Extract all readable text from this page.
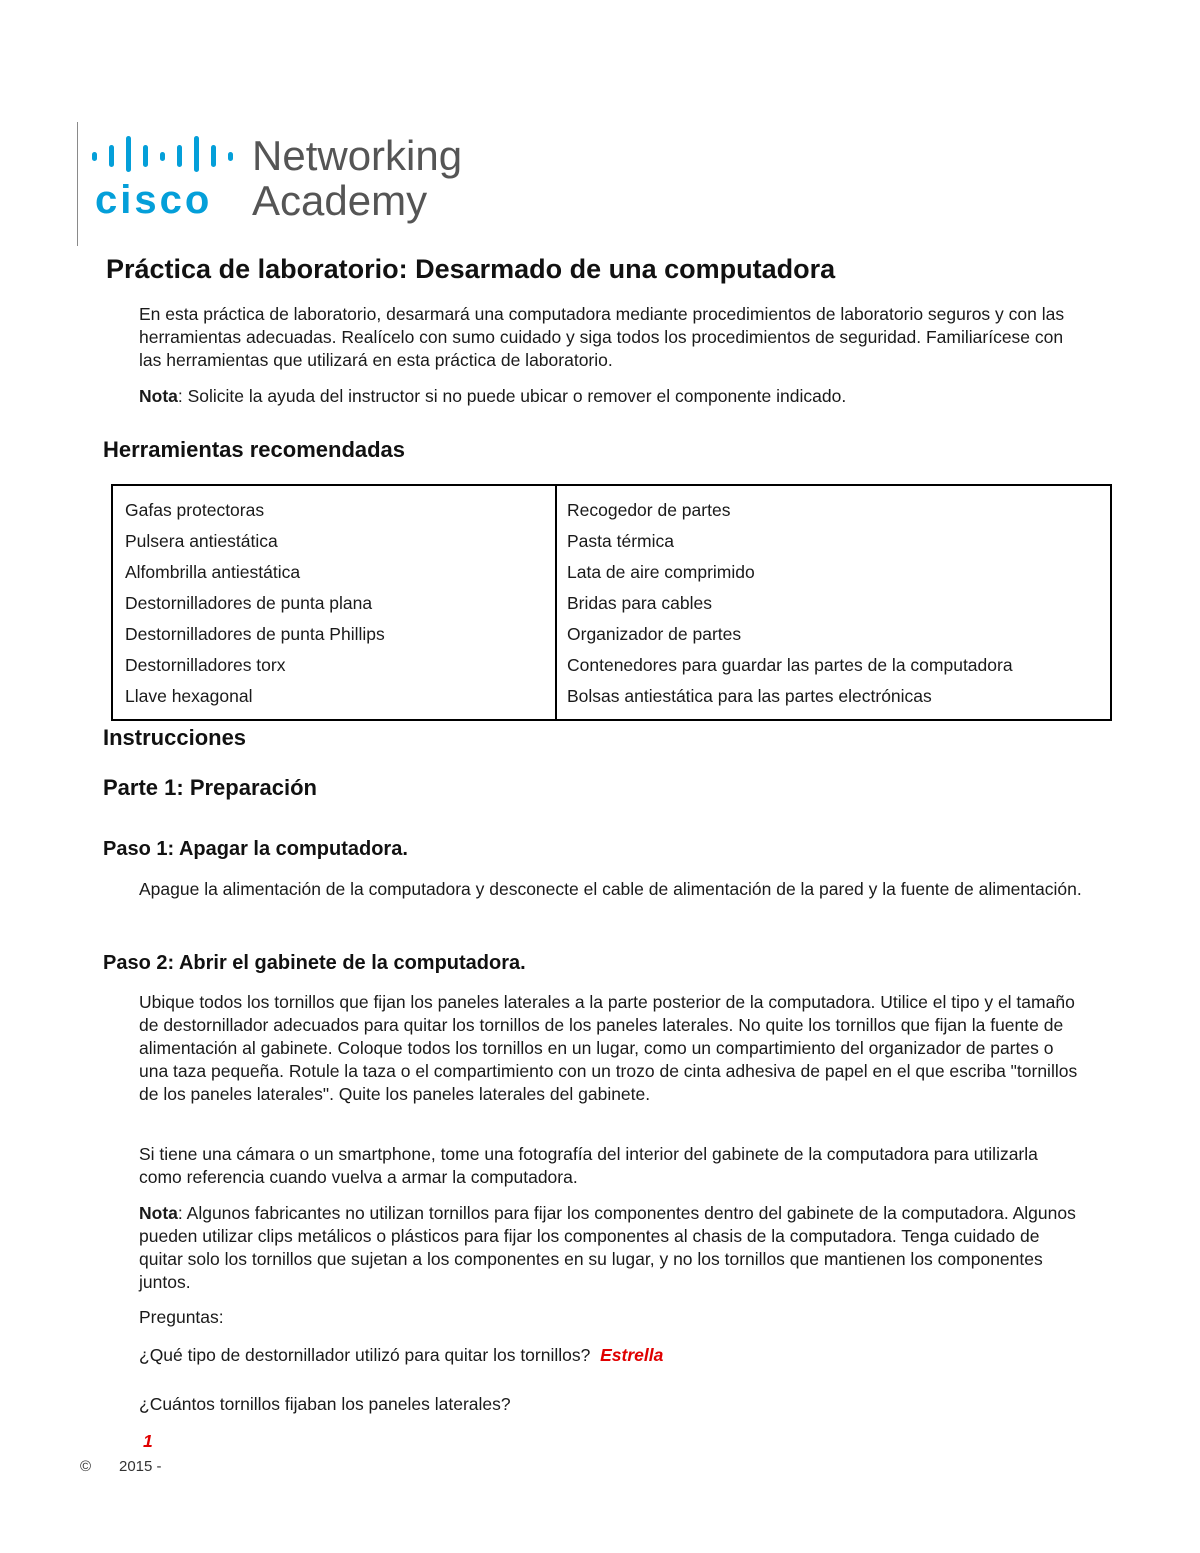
cisco
Networking
Academy
Práctica de laboratorio: Desarmado de una computadora
En esta práctica de laboratorio, desarmará una computadora mediante procedimientos de laboratorio seguros y con las herramientas adecuadas. Realícelo con sumo cuidado y siga todos los procedimientos de seguridad. Familiarícese con las herramientas que utilizará en esta práctica de laboratorio.
Nota: Solicite la ayuda del instructor si no puede ubicar o remover el componente indicado.
Herramientas recomendadas
Gafas protectoras
Pulsera antiestática
Alfombrilla antiestática
Destornilladores de punta plana
Destornilladores de punta Phillips
Destornilladores torx
Llave hexagonal
Recogedor de partes
Pasta térmica
Lata de aire comprimido
Bridas para cables
Organizador de partes
Contenedores para guardar las partes de la computadora
Bolsas antiestática para las partes electrónicas
Instrucciones
Parte 1: Preparación
Paso 1: Apagar la computadora.
Apague la alimentación de la computadora y desconecte el cable de alimentación de la pared y la fuente de alimentación.
Paso 2: Abrir el gabinete de la computadora.
Ubique todos los tornillos que fijan los paneles laterales a la parte posterior de la computadora. Utilice el tipo y el tamaño de destornillador adecuados para quitar los tornillos de los paneles laterales. No quite los tornillos que fijan la fuente de alimentación al gabinete. Coloque todos los tornillos en un lugar, como un compartimiento del organizador de partes o una taza pequeña. Rotule la taza o el compartimiento con un trozo de cinta adhesiva de papel en el que escriba "tornillos de los paneles laterales". Quite los paneles laterales del gabinete.
Si tiene una cámara o un smartphone, tome una fotografía del interior del gabinete de la computadora para utilizarla como referencia cuando vuelva a armar la computadora.
Nota: Algunos fabricantes no utilizan tornillos para fijar los componentes dentro del gabinete de la computadora. Algunos pueden utilizar clips metálicos o plásticos para fijar los componentes al chasis de la computadora. Tenga cuidado de quitar solo los tornillos que sujetan a los componentes en su lugar, y no los tornillos que mantienen los componentes juntos.
Preguntas:
¿Qué tipo de destornillador utilizó para quitar los tornillos? Estrella
¿Cuántos tornillos fijaban los paneles laterales?
1
© 2015 -
